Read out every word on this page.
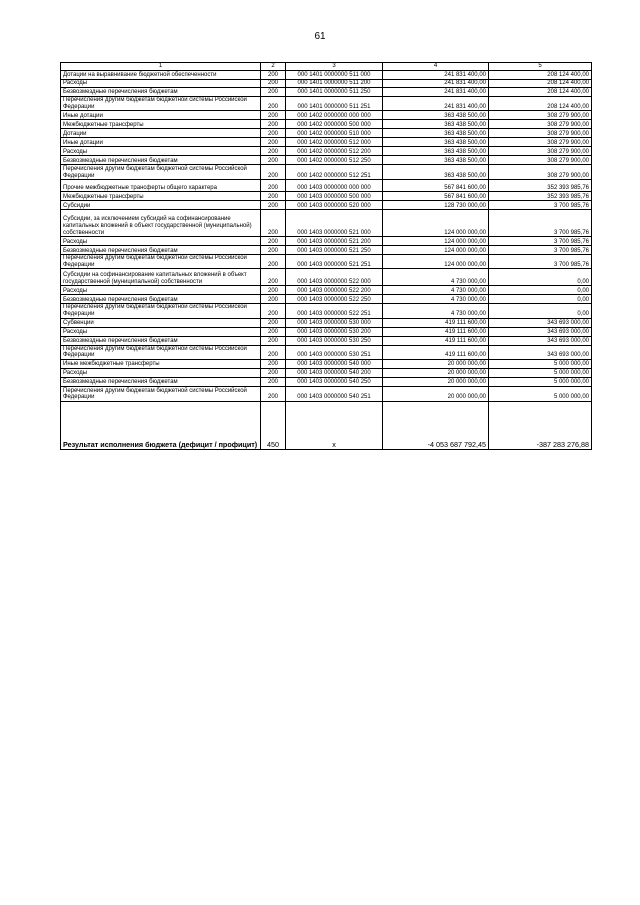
61
1	2	3	4	5
Дотации на выравнивание бюджетной обеспеченности	200	000 1401 0000000 511 000	241 831 400,00	208 124 400,00
Расходы	200	000 1401 0000000 511 200	241 831 400,00	208 124 400,00
Безвозмездные перечисления бюджетам	200	000 1401 0000000 511 250	241 831 400,00	208 124 400,00
Перечисления другим бюджетам бюджетной системы Российской Федерации	200	000 1401 0000000 511 251	241 831 400,00	208 124 400,00
Иные дотации	200	000 1402 0000000 000 000	363 438 500,00	308 279 900,00
Межбюджетные трансферты	200	000 1402 0000000 500 000	363 438 500,00	308 279 900,00
Дотации	200	000 1402 0000000 510 000	363 438 500,00	308 279 900,00
Иные дотации	200	000 1402 0000000 512 000	363 438 500,00	308 279 900,00
Расходы	200	000 1402 0000000 512 200	363 438 500,00	308 279 900,00
Безвозмездные перечисления бюджетам	200	000 1402 0000000 512 250	363 438 500,00	308 279 900,00
Перечисления другим бюджетам бюджетной системы Российской Федерации	200	000 1402 0000000 512 251	363 438 500,00	308 279 900,00
Прочие межбюджетные трансферты общего характера	200	000 1403 0000000 000 000	567 841 600,00	352 393 985,76
Межбюджетные трансферты	200	000 1403 0000000 500 000	567 841 600,00	352 393 985,76
Субсидии	200	000 1403 0000000 520 000	128 730 000,00	3 700 985,76
Субсидии, за исключением субсидий на софинансирование капитальных вложений в объект государственной (муниципальной) собственности	200	000 1403 0000000 521 000	124 000 000,00	3 700 985,76
Расходы	200	000 1403 0000000 521 200	124 000 000,00	3 700 985,76
Безвозмездные перечисления бюджетам	200	000 1403 0000000 521 250	124 000 000,00	3 700 985,76
Перечисления другим бюджетам бюджетной системы Российской Федерации	200	000 1403 0000000 521 251	124 000 000,00	3 700 985,76
Субсидии на софинансирование капитальных вложений в объект государственной (муниципальной) собственности	200	000 1403 0000000 522 000	4 730 000,00	0,00
Расходы	200	000 1403 0000000 522 200	4 730 000,00	0,00
Безвозмездные перечисления бюджетам	200	000 1403 0000000 522 250	4 730 000,00	0,00
Перечисления другим бюджетам бюджетной системы Российской Федерации	200	000 1403 0000000 522 251	4 730 000,00	0,00
Субвенции	200	000 1403 0000000 530 000	419 111 600,00	343 693 000,00
Расходы	200	000 1403 0000000 530 200	419 111 600,00	343 693 000,00
Безвозмездные перечисления бюджетам	200	000 1403 0000000 530 250	419 111 600,00	343 693 000,00
Перечисления другим бюджетам бюджетной системы Российской Федерации	200	000 1403 0000000 530 251	419 111 600,00	343 693 000,00
Иные межбюджетные трансферты	200	000 1403 0000000 540 000	20 000 000,00	5 000 000,00
Расходы	200	000 1403 0000000 540 200	20 000 000,00	5 000 000,00
Безвозмездные перечисления бюджетам	200	000 1403 0000000 540 250	20 000 000,00	5 000 000,00
Перечисления другим бюджетам бюджетной системы Российской Федерации	200	000 1403 0000000 540 251	20 000 000,00	5 000 000,00
Результат исполнения бюджета (дефицит / профицит)	450	x	-4 053 687 792,45	-387 283 276,88
